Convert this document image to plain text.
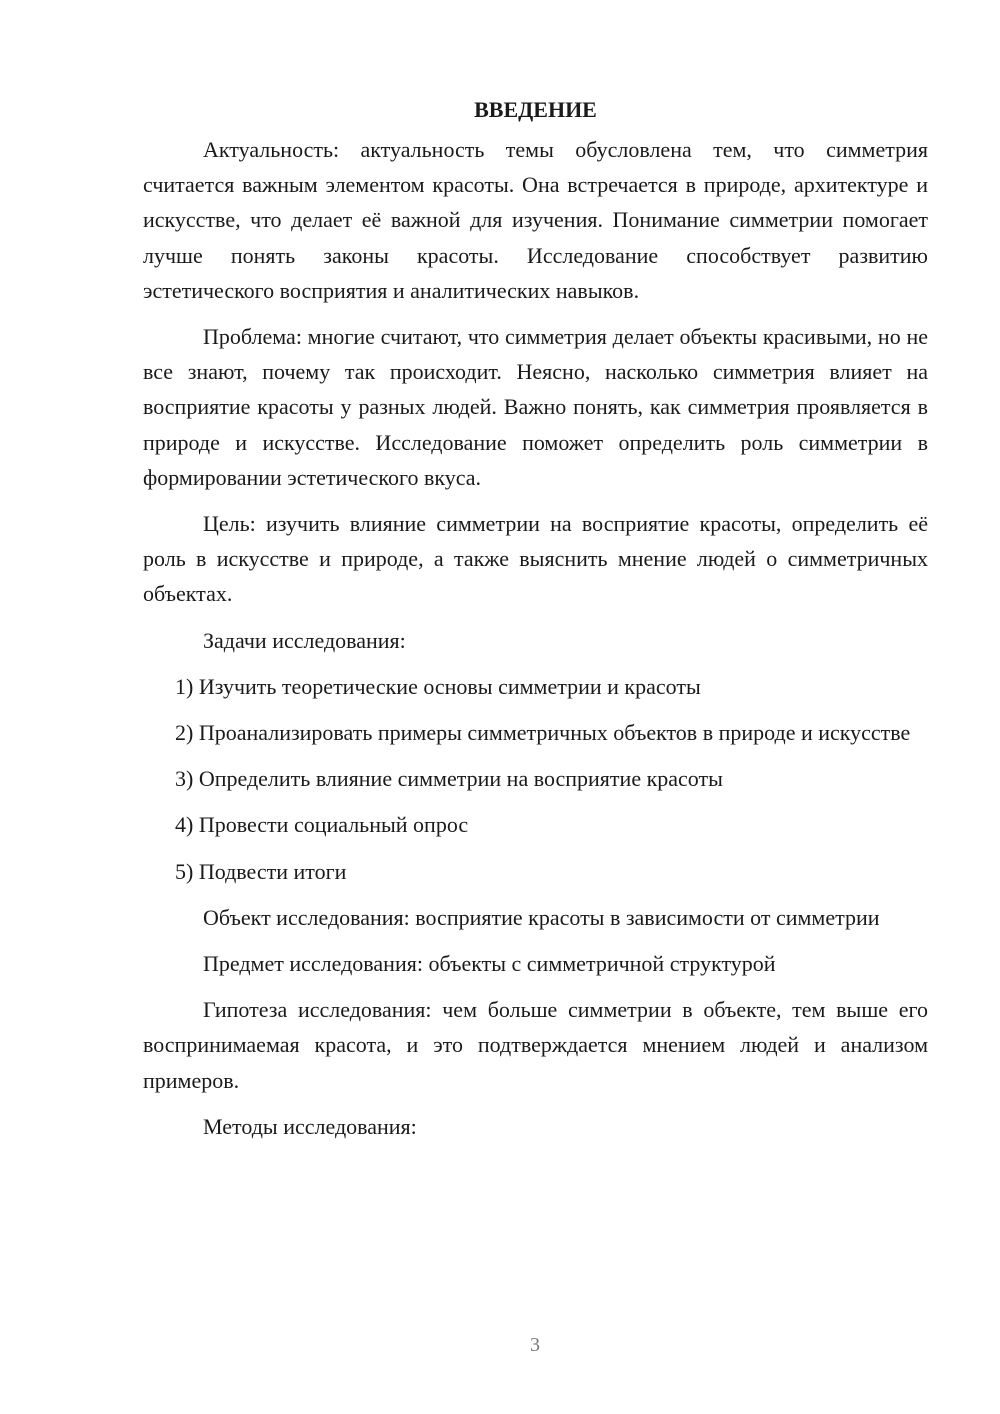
ВВЕДЕНИЕ

Актуальность: актуальность темы обусловлена тем, что симметрия считается важным элементом красоты. Она встречается в природе, архитектуре и искусстве, что делает её важной для изучения. Понимание симметрии помогает лучше понять законы красоты. Исследование способствует развитию эстетического восприятия и аналитических навыков.

Проблема: многие считают, что симметрия делает объекты красивыми, но не все знают, почему так происходит. Неясно, насколько симметрия влияет на восприятие красоты у разных людей. Важно понять, как симметрия проявляется в природе и искусстве. Исследование поможет определить роль симметрии в формировании эстетического вкуса.

Цель: изучить влияние симметрии на восприятие красоты, определить её роль в искусстве и природе, а также выяснить мнение людей о симметричных объектах.

Задачи исследования:

1) Изучить теоретические основы симметрии и красоты

2) Проанализировать примеры симметричных объектов в природе и искусстве

3) Определить влияние симметрии на восприятие красоты

4) Провести социальный опрос

5) Подвести итоги

Объект исследования: восприятие красоты в зависимости от симметрии

Предмет исследования: объекты с симметричной структурой

Гипотеза исследования: чем больше симметрии в объекте, тем выше его воспринимаемая красота, и это подтверждается мнением людей и анализом примеров.

Методы исследования:

3
